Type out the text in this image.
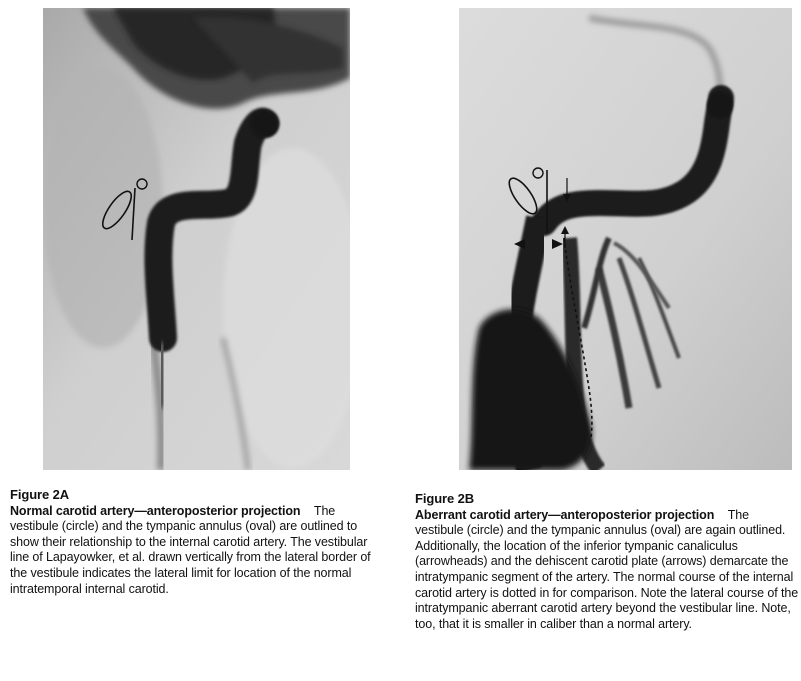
Figure 2A
Normal carotid artery—anteroposterior projection The vestibule (circle) and the tympanic annulus (oval) are outlined to show their relationship to the internal carotid artery. The vestibular line of Lapayowker, et al. drawn vertically from the lateral border of the vestibule indicates the lateral limit for location of the normal intratemporal internal carotid.
Figure 2B
Aberrant carotid artery—anteroposterior projection The vestibule (circle) and the tympanic annulus (oval) are again outlined. Additionally, the location of the inferior tympanic canaliculus (arrowheads) and the dehiscent carotid plate (arrows) demarcate the intratympanic segment of the artery. The normal course of the internal carotid artery is dotted in for comparison. Note the lateral course of the intratympanic aberrant carotid artery beyond the vestibular line. Note, too, that it is smaller in caliber than a normal artery.
